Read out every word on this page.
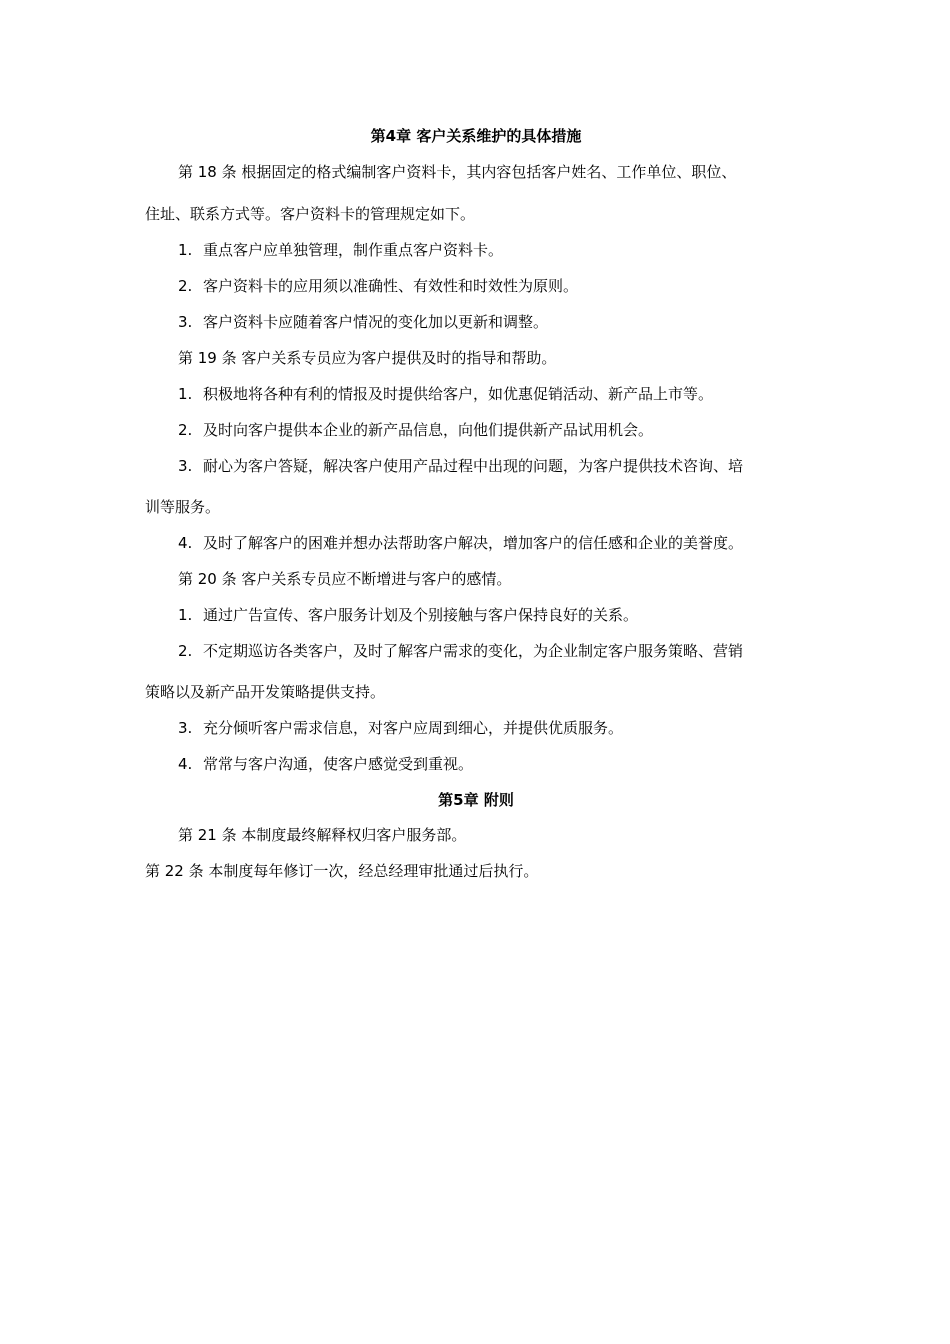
第4章 客户关系维护的具体措施
第 18 条 根据固定的格式编制客户资料卡，其内容包括客户姓名、工作单位、职位、
住址、联系方式等。客户资料卡的管理规定如下。
1. 重点客户应单独管理，制作重点客户资料卡。
2. 客户资料卡的应用须以准确性、有效性和时效性为原则。
3. 客户资料卡应随着客户情况的变化加以更新和调整。
第 19 条 客户关系专员应为客户提供及时的指导和帮助。
1. 积极地将各种有利的情报及时提供给客户，如优惠促销活动、新产品上市等。
2. 及时向客户提供本企业的新产品信息，向他们提供新产品试用机会。
3. 耐心为客户答疑，解决客户使用产品过程中出现的问题，为客户提供技术咨询、培
训等服务。
4. 及时了解客户的困难并想办法帮助客户解决，增加客户的信任感和企业的美誉度。
第 20 条 客户关系专员应不断增进与客户的感情。
1. 通过广告宣传、客户服务计划及个别接触与客户保持良好的关系。
2. 不定期巡访各类客户，及时了解客户需求的变化，为企业制定客户服务策略、营销
策略以及新产品开发策略提供支持。
3. 充分倾听客户需求信息，对客户应周到细心，并提供优质服务。
4. 常常与客户沟通，使客户感觉受到重视。
第5章 附则
第 21 条 本制度最终解释权归客户服务部。
第 22 条 本制度每年修订一次，经总经理审批通过后执行。
